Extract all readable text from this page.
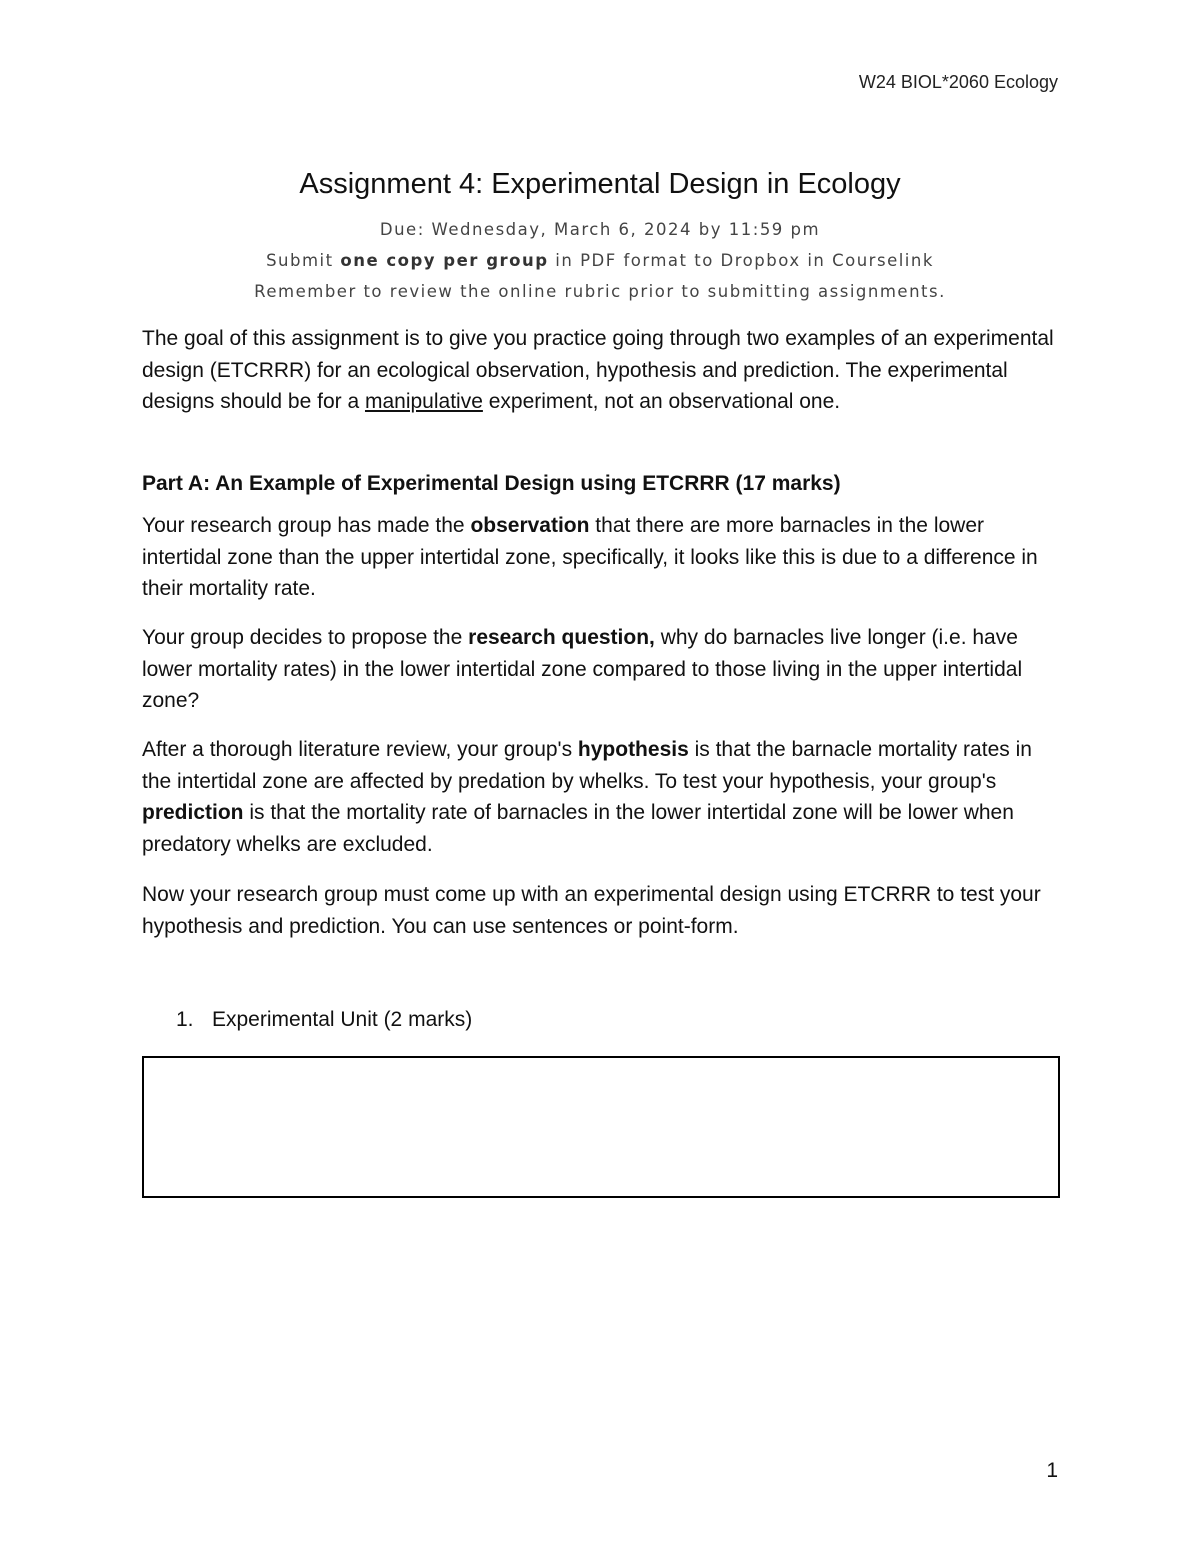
W24 BIOL*2060 Ecology
Assignment 4: Experimental Design in Ecology
Due: Wednesday, March 6, 2024 by 11:59 pm
Submit one copy per group in PDF format to Dropbox in Courselink
Remember to review the online rubric prior to submitting assignments.
The goal of this assignment is to give you practice going through two examples of an experimental design (ETCRRR) for an ecological observation, hypothesis and prediction. The experimental designs should be for a manipulative experiment, not an observational one.
Part A: An Example of Experimental Design using ETCRRR (17 marks)
Your research group has made the observation that there are more barnacles in the lower intertidal zone than the upper intertidal zone, specifically, it looks like this is due to a difference in their mortality rate.
Your group decides to propose the research question, why do barnacles live longer (i.e. have lower mortality rates) in the lower intertidal zone compared to those living in the upper intertidal zone?
After a thorough literature review, your group's hypothesis is that the barnacle mortality rates in the intertidal zone are affected by predation by whelks. To test your hypothesis, your group's prediction is that the mortality rate of barnacles in the lower intertidal zone will be lower when predatory whelks are excluded.
Now your research group must come up with an experimental design using ETCRRR to test your hypothesis and prediction. You can use sentences or point-form.
1. Experimental Unit (2 marks)
1
